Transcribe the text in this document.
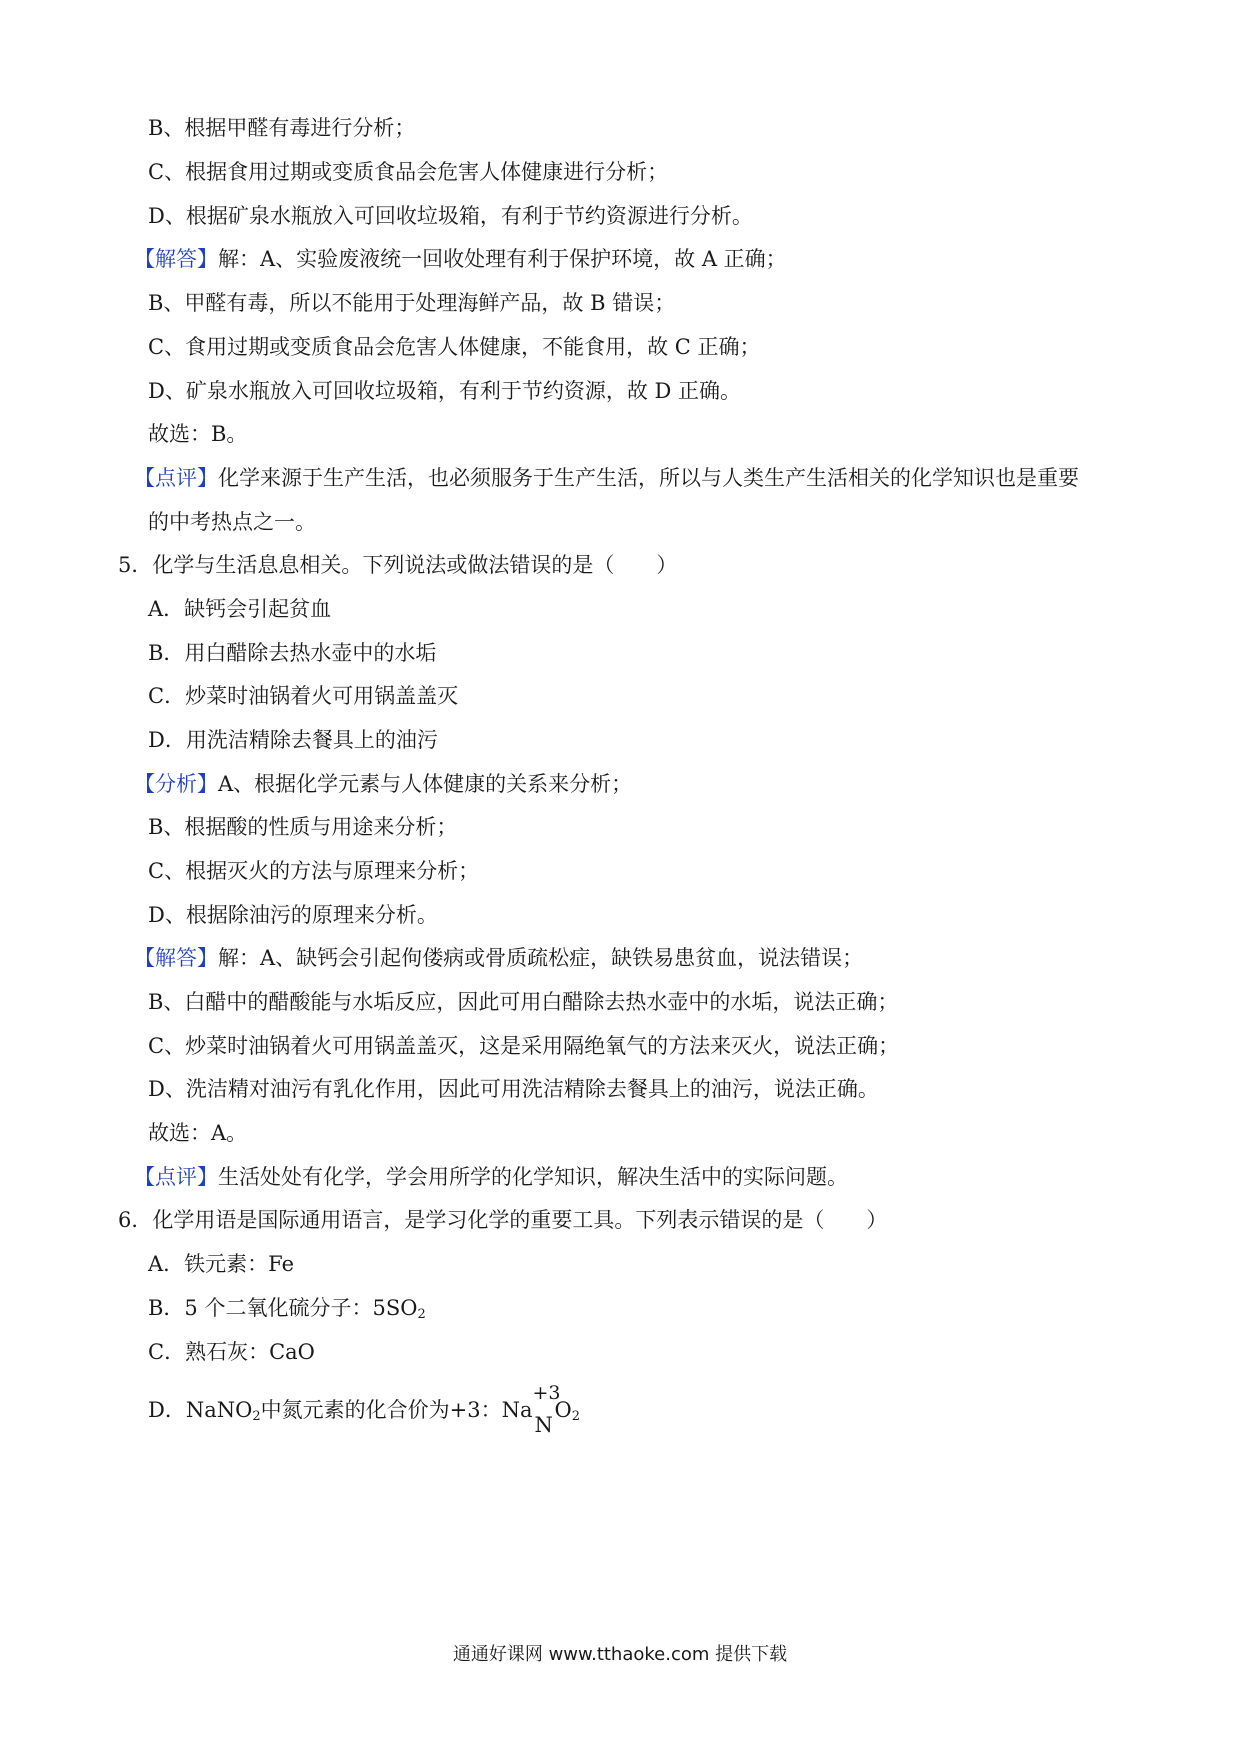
B、根据甲醛有毒进行分析；
C、根据食用过期或变质食品会危害人体健康进行分析；
D、根据矿泉水瓶放入可回收垃圾箱，有利于节约资源进行分析。
【解答】解：A、实验废液统一回收处理有利于保护环境，故 A 正确；
B、甲醛有毒，所以不能用于处理海鲜产品，故 B 错误；
C、食用过期或变质食品会危害人体健康，不能食用，故 C 正确；
D、矿泉水瓶放入可回收垃圾箱，有利于节约资源，故 D 正确。
故选：B。
【点评】化学来源于生产生活，也必须服务于生产生活，所以与人类生产生活相关的化学知识也是重要
的中考热点之一。
5．化学与生活息息相关。下列说法或做法错误的是（　　）
A．缺钙会引起贫血
B．用白醋除去热水壶中的水垢
C．炒菜时油锅着火可用锅盖盖灭
D．用洗洁精除去餐具上的油污
【分析】A、根据化学元素与人体健康的关系来分析；
B、根据酸的性质与用途来分析；
C、根据灭火的方法与原理来分析；
D、根据除油污的原理来分析。
【解答】解：A、缺钙会引起佝偻病或骨质疏松症，缺铁易患贫血，说法错误；
B、白醋中的醋酸能与水垢反应，因此可用白醋除去热水壶中的水垢，说法正确；
C、炒菜时油锅着火可用锅盖盖灭，这是采用隔绝氧气的方法来灭火，说法正确；
D、洗洁精对油污有乳化作用，因此可用洗洁精除去餐具上的油污，说法正确。
故选：A。
【点评】生活处处有化学，学会用所学的化学知识，解决生活中的实际问题。
6．化学用语是国际通用语言，是学习化学的重要工具。下列表示错误的是（　　）
A．铁元素：Fe
B．5 个二氧化硫分子：$5SO_2$
C．熟石灰：CaO
D．NaNO$_2$中氮元素的化合价为+3：Na
+3
N
$O_2$
通通好课网 www.tthaoke.com 提供下载
